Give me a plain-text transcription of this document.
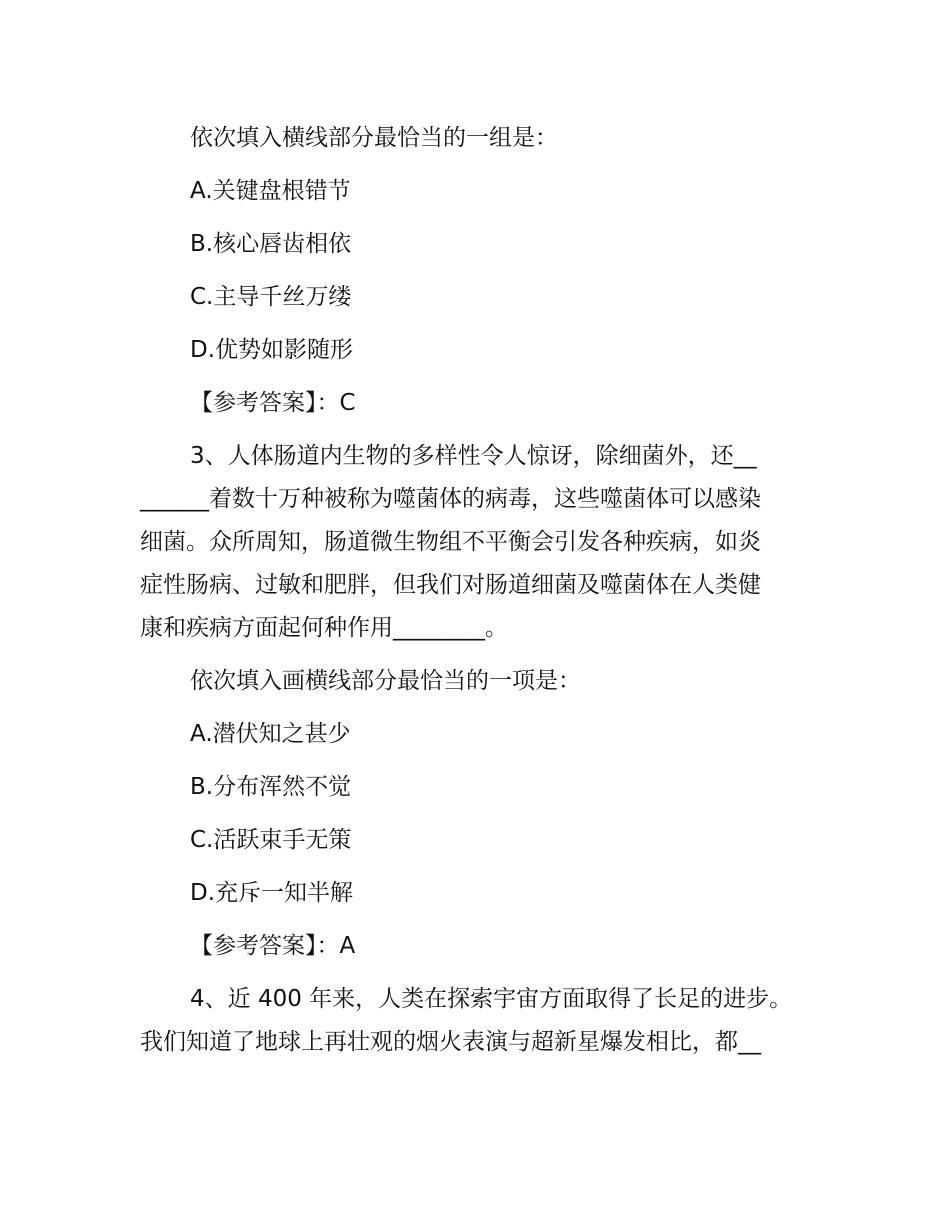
依次填入横线部分最恰当的一组是：
A.关键盘根错节
B.核心唇齿相依
C.主导千丝万缕
D.优势如影随形
【参考答案】：C
3、人体肠道内生物的多样性令人惊讶，除细菌外，还__
______着数十万种被称为噬菌体的病毒，这些噬菌体可以感染
细菌。众所周知，肠道微生物组不平衡会引发各种疾病，如炎
症性肠病、过敏和肥胖，但我们对肠道细菌及噬菌体在人类健
康和疾病方面起何种作用________。
依次填入画横线部分最恰当的一项是：
A.潜伏知之甚少
B.分布浑然不觉
C.活跃束手无策
D.充斥一知半解
【参考答案】：A
4、近 400 年来，人类在探索宇宙方面取得了长足的进步。
我们知道了地球上再壮观的烟火表演与超新星爆发相比，都__
